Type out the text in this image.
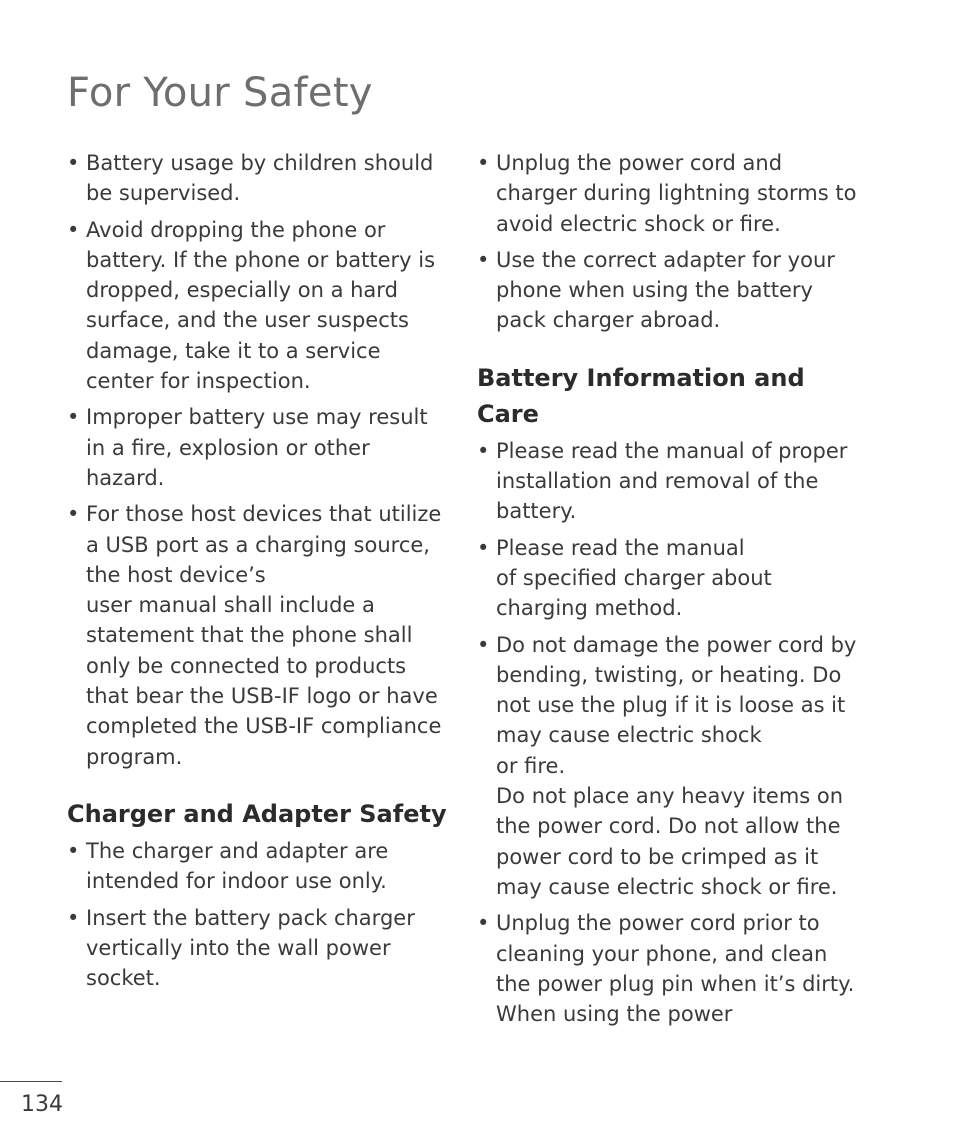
For Your Safety
• Battery usage by children should be supervised.
• Avoid dropping the phone or battery. If the phone or battery is dropped, especially on a hard surface, and the user suspects damage, take it to a service center for inspection.
• Improper battery use may result in a fire, explosion or other hazard.
• For those host devices that utilize a USB port as a charging source, the host device’s
user manual shall include a statement that the phone shall only be connected to products that bear the USB-IF logo or have completed the USB-IF compliance program.
Charger and Adapter Safety
• The charger and adapter are intended for indoor use only.
• Insert the battery pack charger vertically into the wall power socket.
• Unplug the power cord and charger during lightning storms to avoid electric shock or fire.
• Use the correct adapter for your phone when using the battery pack charger abroad.
Battery Information and Care
• Please read the manual of proper installation and removal of the battery.
• Please read the manual
of specified charger about charging method.
• Do not damage the power cord by bending, twisting, or heating. Do not use the plug if it is loose as it may cause electric shock
or fire.
Do not place any heavy items on the power cord. Do not allow the power cord to be crimped as it may cause electric shock or fire.
• Unplug the power cord prior to cleaning your phone, and clean the power plug pin when it’s dirty. When using the power
134
